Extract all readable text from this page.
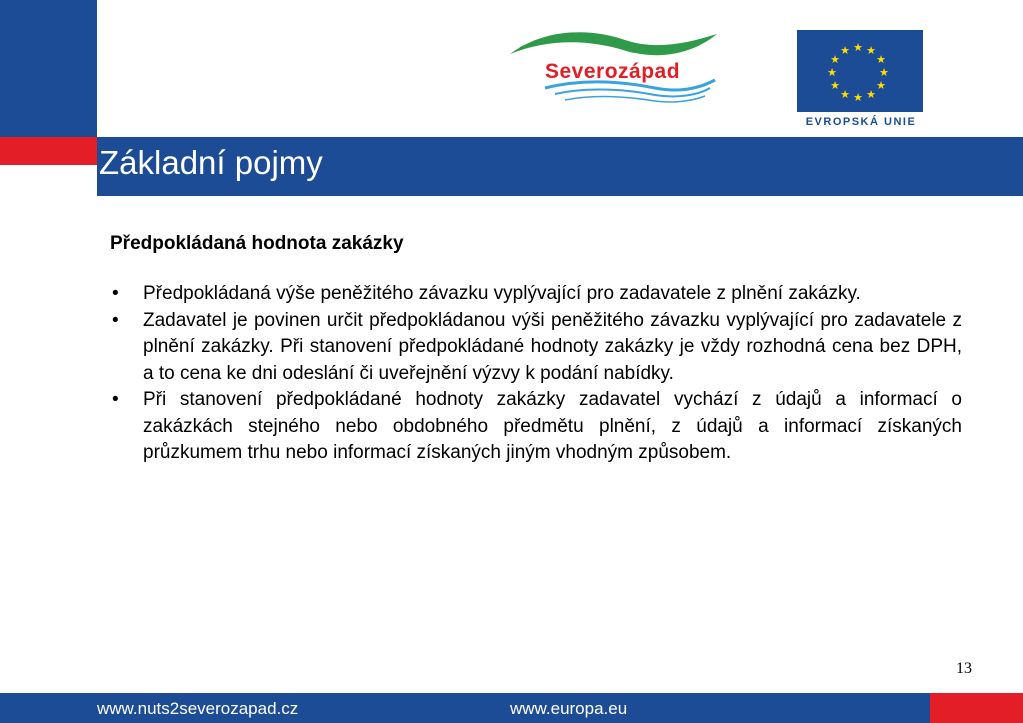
Severozápad
★ ★
★
★
★
★
★
★
★
★
★
★
EVROPSKÁ UNIE
Základní pojmy
Předpokládaná hodnota zakázky
• Předpokládaná výše peněžitého závazku vyplývající pro zadavatele z plnění zakázky.
• Zadavatel je povinen určit předpokládanou výši peněžitého závazku vyplývající pro zadavatele z plnění zakázky. Při stanovení předpokládané hodnoty zakázky je vždy rozhodná cena bez DPH, a to cena ke dni odeslání či uveřejnění výzvy k podání nabídky.
• Při stanovení předpokládané hodnoty zakázky zadavatel vychází z údajů a informací o zakázkách stejného nebo obdobného předmětu plnění, z údajů a informací získaných průzkumem trhu nebo informací získaných jiným vhodným způsobem.
13
www.nuts2severozapad.cz	www.europa.eu
